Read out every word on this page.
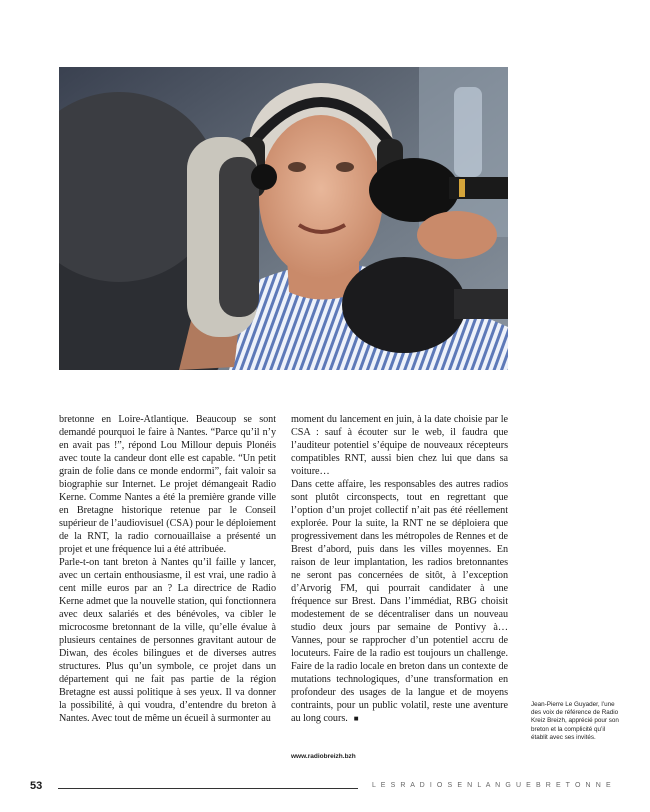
bretonne en Loire-Atlantique. Beaucoup se sont demandé pourquoi le faire à Nantes. “Parce qu’il n’y en avait pas !”, répond Lou Millour depuis Plonéis avec toute la candeur dont elle est capable. “Un petit grain de folie dans ce monde endormi”, fait valoir sa biographie sur Internet. Le projet démangeait Radio Kerne. Comme Nantes a été la première grande ville en Bretagne historique retenue par le Conseil supérieur de l’audiovisuel (CSA) pour le déploiement de la RNT, la radio cornouaillaise a présenté un projet et une fréquence lui a été attribuée.

Parle-t-on tant breton à Nantes qu’il faille y lancer, avec un certain enthousiasme, il est vrai, une radio à cent mille euros par an ? La directrice de Radio Kerne admet que la nouvelle station, qui fonctionnera avec deux salariés et des bénévoles, va cibler le microcosme bretonnant de la ville, qu’elle évalue à plusieurs centaines de personnes gravitant autour de Diwan, des écoles bilingues et de diverses autres structures. Plus qu’un symbole, ce projet dans un département qui ne fait pas partie de la région Bretagne est aussi politique à ses yeux. Il va donner la possibilité, à qui voudra, d’entendre du breton à Nantes. Avec tout de même un écueil à surmonter au

moment du lancement en juin, à la date choisie par le CSA : sauf à écouter sur le web, il faudra que l’auditeur potentiel s’équipe de nouveaux récepteurs compatibles RNT, aussi bien chez lui que dans sa voiture…

Dans cette affaire, les responsables des autres radios sont plutôt circonspects, tout en regrettant que l’option d’un projet collectif n’ait pas été réellement explorée. Pour la suite, la RNT ne se déploiera que progressivement dans les métropoles de Rennes et de Brest d’abord, puis dans les villes moyennes. En raison de leur implantation, les radios bretonnantes ne seront pas concernées de sitôt, à l’exception d’Arvorig FM, qui pourrait candidater à une fréquence sur Brest. Dans l’immédiat, RBG choisit modestement de se décentraliser dans un nouveau studio deux jours par semaine de Pontivy à… Vannes, pour se rapprocher d’un potentiel accru de locuteurs. Faire de la radio est toujours un challenge. Faire de la radio locale en breton dans un contexte de mutations technologiques, d’une transformation en profondeur des usages de la langue et de moyens contraints, pour un public volatil, reste une aventure au long cours. ■

www.radiobreizh.bzh
Jean-Pierre Le Guyader, l’une des voix de référence de Radio Kreiz Breizh, apprécié pour son breton et la complicité qu’il établit avec ses invités.
53	L E S R A D I O S E N L A N G U E B R E T O N N E
